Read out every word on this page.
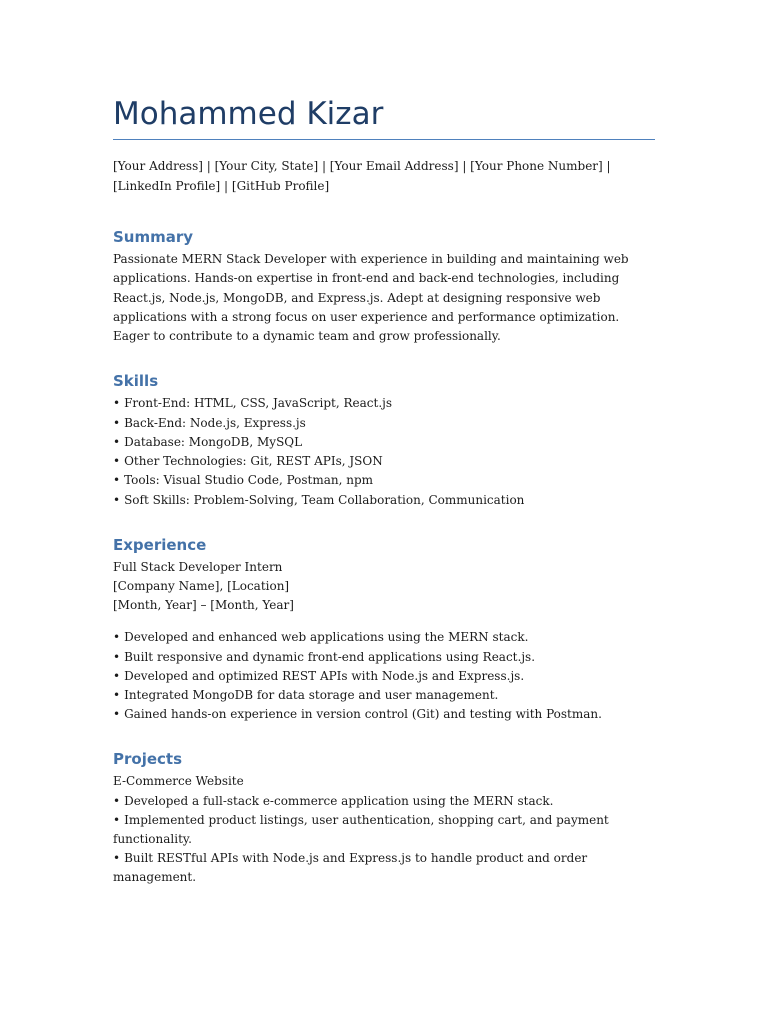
Mohammed Kizar
[Your Address] | [Your City, State] | [Your Email Address] | [Your Phone Number] | [LinkedIn Profile] | [GitHub Profile]
Summary

Passionate MERN Stack Developer with experience in building and maintaining web applications. Hands-on expertise in front-end and back-end technologies, including React.js, Node.js, MongoDB, and Express.js. Adept at designing responsive web applications with a strong focus on user experience and performance optimization. Eager to contribute to a dynamic team and grow professionally.

Skills
• Front-End: HTML, CSS, JavaScript, React.js
• Back-End: Node.js, Express.js
• Database: MongoDB, MySQL
• Other Technologies: Git, REST APIs, JSON
• Tools: Visual Studio Code, Postman, npm
• Soft Skills: Problem-Solving, Team Collaboration, Communication
Experience
Full Stack Developer Intern
[Company Name], [Location]
[Month, Year] – [Month, Year]
• Developed and enhanced web applications using the MERN stack.
• Built responsive and dynamic front-end applications using React.js.
• Developed and optimized REST APIs with Node.js and Express.js.
• Integrated MongoDB for data storage and user management.
• Gained hands-on experience in version control (Git) and testing with Postman.
Projects
E-Commerce Website
• Developed a full-stack e-commerce application using the MERN stack.
• Implemented product listings, user authentication, shopping cart, and payment functionality.
• Built RESTful APIs with Node.js and Express.js to handle product and order management.
